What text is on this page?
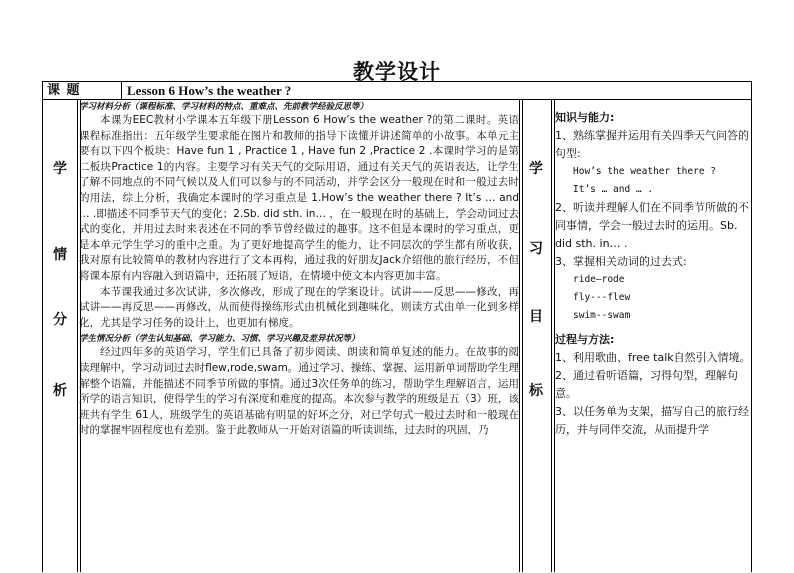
教学设计
课 题	Lesson 6 How’s the weather ?
学
情
分
析
学习材料分析（课程标准、学习材料的特点、重难点、先前教学经验反思等）
本课为EEC教材小学课本五年级下册Lesson 6 How’s the weather ?的第二课时。英语课程标准指出：五年级学生要求能在图片和教师的指导下读懂并讲述简单的小故事。本单元主要有以下四个板块：Have fun 1 , Practice 1 , Have fun 2 ,Practice 2 .本课时学习的是第二板块Practice 1的内容。主要学习有关天气的交际用语，通过有关天气的英语表达，让学生了解不同地点的不同气候以及人们可以参与的不同活动，并学会区分一般现在时和一般过去时的用法，综上分析，我确定本课时的学习重点是 1.How’s the weather there ? It’s … and … .即描述不同季节天气的变化；2.Sb. did sth. in… ，在一般现在时的基础上，学会动词过去式的变化，并用过去时来表述在不同的季节曾经做过的趣事。这不但是本课时的学习重点，更是本单元学生学习的重中之重。为了更好地提高学生的能力，让不同层次的学生都有所收获，我对原有比较简单的教材内容进行了文本再构，通过我的好朋友Jack介绍他的旅行经历，不但将课本原有内容融入到语篇中，还拓展了短语，在情境中使文本内容更加丰富。
本节课我通过多次试讲，多次修改，形成了现在的学案设计。试讲——反思——修改，再试讲——再反思——再修改，从而使得操练形式由机械化到趣味化，则读方式由单一化到多样化，尤其是学习任务的设计上，也更加有梯度。
学生情况分析（学生认知基础、学习能力、习惯、学习兴趣及差异状况等）
经过四年多的英语学习，学生们已具备了初步阅读、朗读和简单复述的能力。在故事的阅读理解中，学习动词过去时flew,rode,swam。通过学习、操练、掌握、运用新单词帮助学生理解整个语篇，并能描述不同季节所做的事情。通过3次任务单的练习，帮助学生理解语言，运用所学的语言知识，使得学生的学习有深度和难度的提高。本次参与教学的班级是五（3）班，该班共有学生 61人，班级学生的英语基础有明显的好坏之分，对已学句式一般过去时和一般现在时的掌握牢固程度也有差别。鉴于此教师从一开始对语篇的听读训练，过去时的巩固，乃
学
习
目
标
知识与能力:
1、熟练掌握并运用有关四季天气问答的句型:
How’s the weather there ?
It’s … and … .
2、听读并理解人们在不同季节所做的不同事情，学会一般过去时的运用。Sb. did sth. in… .
3、掌握相关动词的过去式:
ride—rode
fly---flew
swim--swam
过程与方法:
1、利用歌曲、free talk自然引入情境。
2、通过看听语篇，习得句型，理解句意。
3、以任务单为支架，描写自己的旅行经历，并与同伴交流，从而提升学
